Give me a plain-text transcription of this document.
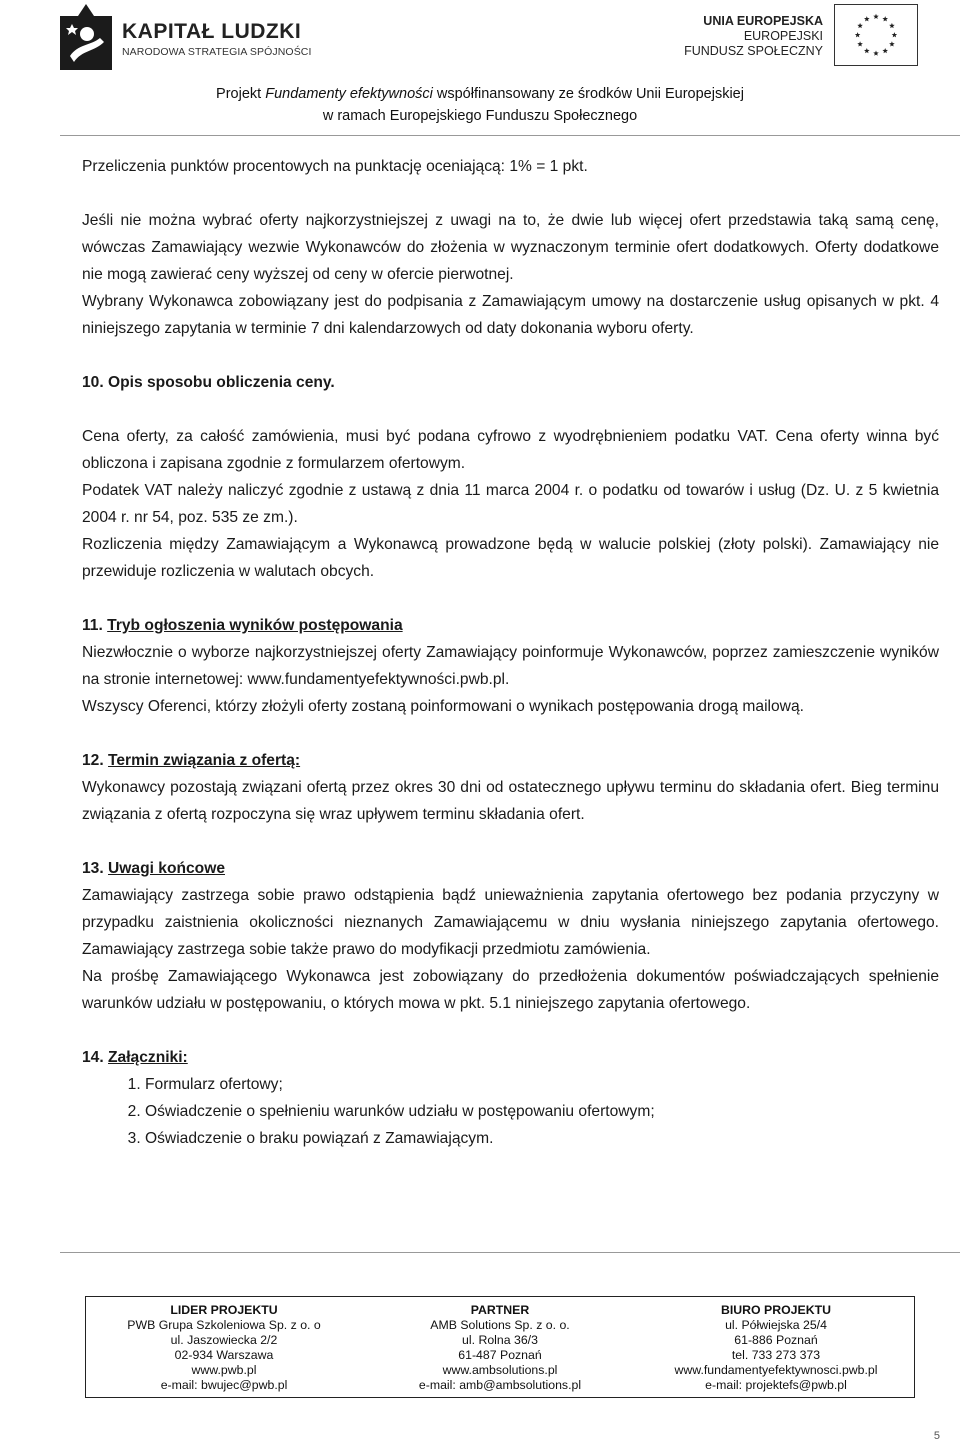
KAPITAŁ LUDZKI
NARODOWA STRATEGIA SPÓJNOŚCI
UNIA EUROPEJSKA
EUROPEJSKI
FUNDUSZ SPOŁECZNY
Projekt Fundamenty efektywności współfinansowany ze środków Unii Europejskiej
w ramach Europejskiego Funduszu Społecznego

Przeliczenia punktów procentowych na punktację oceniającą: 1% = 1 pkt.

Jeśli nie można wybrać oferty najkorzystniejszej z uwagi na to, że dwie lub więcej ofert przedstawia taką samą cenę, wówczas Zamawiający wezwie Wykonawców do złożenia w wyznaczonym terminie ofert dodatkowych. Oferty dodatkowe nie mogą zawierać ceny wyższej od ceny w ofercie pierwotnej.

Wybrany Wykonawca zobowiązany jest do podpisania z Zamawiającym umowy na dostarczenie usług opisanych w pkt. 4 niniejszego zapytania w terminie 7 dni kalendarzowych od daty dokonania wyboru oferty.

10. Opis sposobu obliczenia ceny.

Cena oferty, za całość zamówienia, musi być podana cyfrowo z wyodrębnieniem podatku VAT. Cena oferty winna być obliczona i zapisana zgodnie z formularzem ofertowym.

Podatek VAT należy naliczyć zgodnie z ustawą z dnia 11 marca 2004 r. o podatku od towarów i usług (Dz. U. z 5 kwietnia 2004 r. nr 54, poz. 535 ze zm.).

Rozliczenia między Zamawiającym a Wykonawcą prowadzone będą w walucie polskiej (złoty polski). Zamawiający nie przewiduje rozliczenia w walutach obcych.

11. Tryb ogłoszenia wyników postępowania

Niezwłocznie o wyborze najkorzystniejszej oferty Zamawiający poinformuje Wykonawców, poprzez zamieszczenie wyników na stronie internetowej: www.fundamentyefektywności.pwb.pl.

Wszyscy Oferenci, którzy złożyli oferty zostaną poinformowani o wynikach postępowania drogą mailową.

12. Termin związania z ofertą:

Wykonawcy pozostają związani ofertą przez okres 30 dni od ostatecznego upływu terminu do składania ofert. Bieg terminu związania z ofertą rozpoczyna się wraz upływem terminu składania ofert.

13. Uwagi końcowe

Zamawiający zastrzega sobie prawo odstąpienia bądź unieważnienia zapytania ofertowego bez podania przyczyny w przypadku zaistnienia okoliczności nieznanych Zamawiającemu w dniu wysłania niniejszego zapytania ofertowego. Zamawiający zastrzega sobie także prawo do modyfikacji przedmiotu zamówienia.

Na prośbę Zamawiającego Wykonawca jest zobowiązany do przedłożenia dokumentów poświadczających spełnienie warunków udziału w postępowaniu, o których mowa w pkt. 5.1 niniejszego zapytania ofertowego.

14. Załączniki:

1. Formularz ofertowy;
2. Oświadczenie o spełnieniu warunków udziału w postępowaniu ofertowym;
3. Oświadczenie o braku powiązań z Zamawiającym.
LIDER PROJEKTU
PWB Grupa Szkoleniowa Sp. z o. o
ul. Jaszowiecka 2/2
02-934 Warszawa
www.pwb.pl
e-mail: bwujec@pwb.pl
PARTNER
AMB Solutions Sp. z o. o.
ul. Rolna 36/3
61-487 Poznań
www.ambsolutions.pl
e-mail: amb@ambsolutions.pl
BIURO PROJEKTU
ul. Półwiejska 25/4
61-886 Poznań
tel. 733 273 373
www.fundamentyefektywnosci.pwb.pl
e-mail: projektefs@pwb.pl
5
